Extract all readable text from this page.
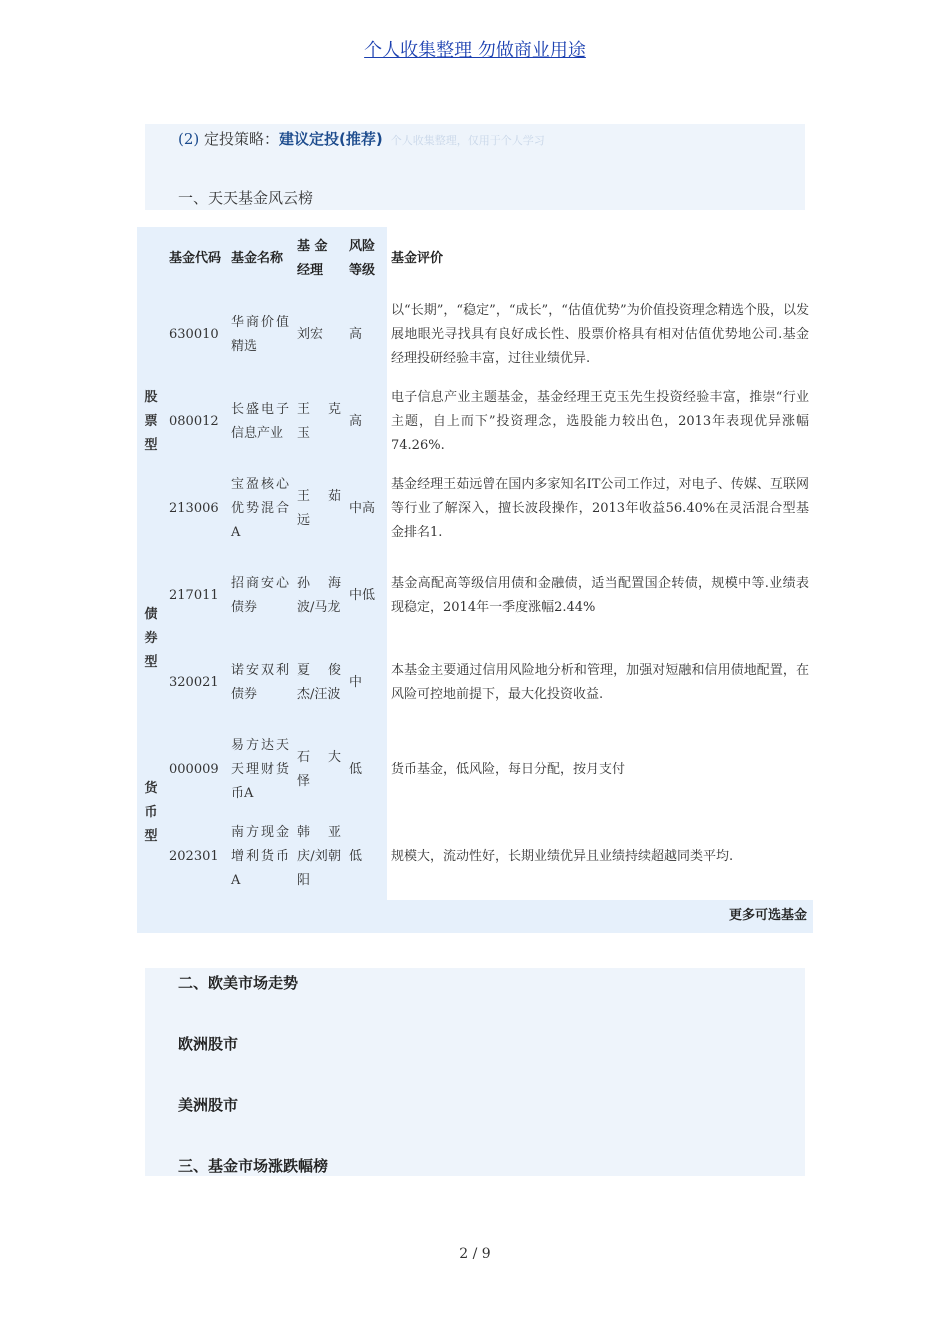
个人收集整理 勿做商业用途
(2) 定投策略：建议定投(推荐) 个人收集整理，仅用于个人学习
一、天天基金风云榜
	基金代码	基金名称	基 金 经理	风险等级	基金评价
股票型	630010	华商价值精选	刘宏	高	以“长期”，“稳定”，“成长”，“估值优势”为价值投资理念精选个股，以发展地眼光寻找具有良好成长性、股票价格具有相对估值优势地公司.基金经理投研经验丰富，过往业绩优异.
	080012	长盛电子信息产业	王 克 玉	高	电子信息产业主题基金，基金经理王克玉先生投资经验丰富，推崇“行业主题，自上而下”投资理念，选股能力较出色，2013年表现优异涨幅74.26%.
	213006	宝盈核心优势混合A	王 茹 远	中高	基金经理王茹远曾在国内多家知名IT公司工作过，对电子、传媒、互联网等行业了解深入，擅长波段操作，2013年收益56.40%在灵活混合型基金排名1.
债券型	217011	招商安心债券	孙 海 波/马龙	中低	基金高配高等级信用债和金融债，适当配置国企转债，规模中等.业绩表现稳定，2014年一季度涨幅2.44%
	320021	诺安双利债券	夏 俊 杰/汪波	中	本基金主要通过信用风险地分析和管理，加强对短融和信用债地配置，在风险可控地前提下，最大化投资收益.
货币型	000009	易方达天天理财货币A	石 大 怿	低	货币基金，低风险，每日分配，按月支付
	202301	南方现金增利货币A	韩 亚 庆/刘朝阳	低	规模大，流动性好，长期业绩优异且业绩持续超越同类平均.
更多可选基金
二、欧美市场走势
欧洲股市
美洲股市
三、基金市场涨跌幅榜
2 / 9
